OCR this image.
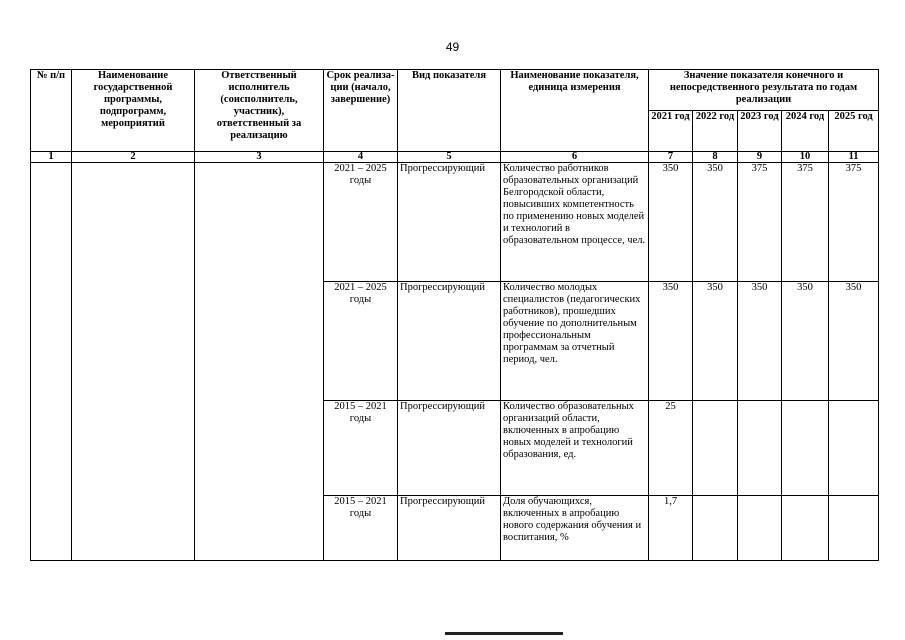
49
№ п/п	Наименование государственной программы, подпрограмм, мероприятий	Ответственный исполнитель (соисполнитель, участник), ответственный за реализацию	Срок реализа-ции (начало, завершение)	Вид показателя	Наименование показателя, единица измерения	Значение показателя конечного и непосредственного результата по годам реализации				
						2021 год	2022 год	2023 год	2024 год	2025 год
1	2	3	4	5	6	7	8	9	10	11
			2021 – 2025 годы	Прогрессирующий	Количество работников образовательных организаций Белгородской области, повысивших компетентность по применению новых моделей и технологий в образовательном процессе, чел.	350	350	375	375	375
			2021 – 2025 годы	Прогрессирующий	Количество молодых специалистов (педагогических работников), прошедших обучение по дополнительным профессиональным программам за отчетный период, чел.	350	350	350	350	350
			2015 – 2021 годы	Прогрессирующий	Количество образовательных организаций области, включенных в апробацию новых моделей и технологий образования, ед.	25				
			2015 – 2021 годы	Прогрессирующий	Доля обучающихся, включенных в апробацию нового содержания обучения и воспитания, %	1,7				
